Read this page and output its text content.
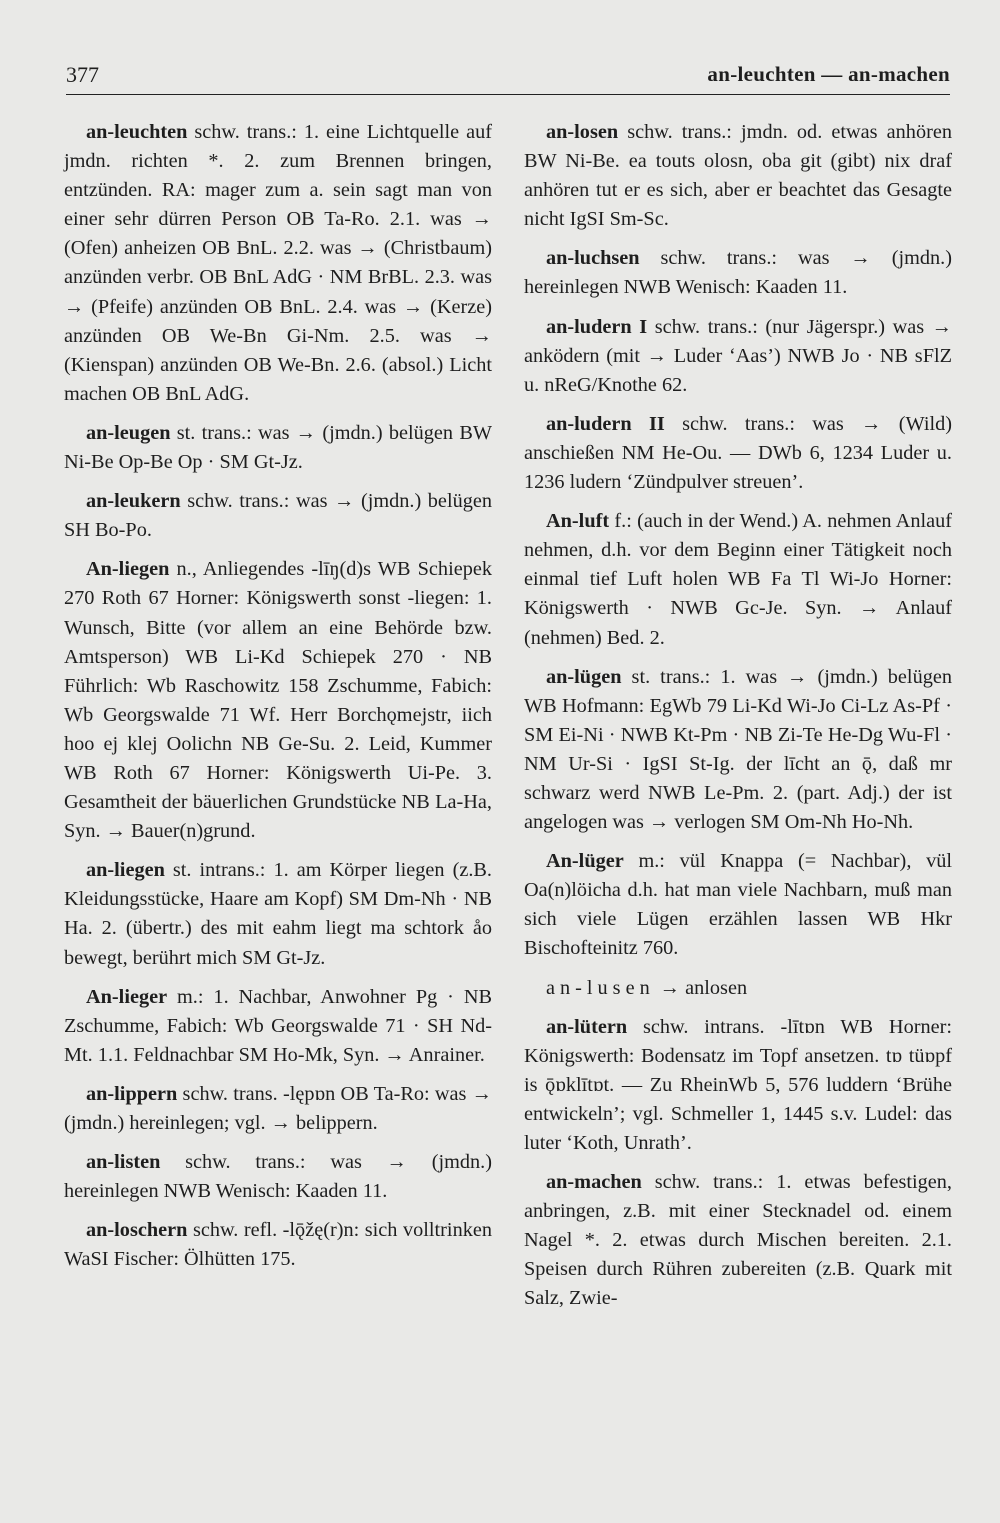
377	an-leuchten — an-machen

an-leuchten schw. trans.: 1. eine Lichtquelle auf jmdn. richten *. 2. zum Brennen bringen, entzünden. RA: mager zum a. sein sagt man von einer sehr dürren Person OB Ta-Ro. 2.1. was → (Ofen) anheizen OB BnL. 2.2. was → (Christbaum) anzünden verbr. OB BnL AdG · NM BrBL. 2.3. was → (Pfeife) anzünden OB BnL. 2.4. was → (Kerze) anzünden OB We-Bn Gi-Nm. 2.5. was → (Kienspan) anzünden OB We-Bn. 2.6. (absol.) Licht machen OB BnL AdG.

an-leugen st. trans.: was → (jmdn.) belügen BW Ni-Be Op-Be Op · SM Gt-Jz.

an-leukern schw. trans.: was → (jmdn.) belügen SH Bo-Po.

An-liegen n., Anliegendes -līŋ(d)s WB Schiepek 270 Roth 67 Horner: Königswerth sonst -liegen: 1. Wunsch, Bitte (vor allem an eine Behörde bzw. Amtsperson) WB Li-Kd Schiepek 270 · NB Führlich: Wb Raschowitz 158 Zschumme, Fabich: Wb Georgswalde 71 Wf. Herr Borchǫmejstr, iich hoo ej klej Oolichn NB Ge-Su. 2. Leid, Kummer WB Roth 67 Horner: Königswerth Ui-Pe. 3. Gesamtheit der bäuerlichen Grundstücke NB La-Ha, Syn. → Bauer(n)grund.

an-liegen st. intrans.: 1. am Körper liegen (z.B. Kleidungsstücke, Haare am Kopf) SM Dm-Nh · NB Ha. 2. (übertr.) des mit eahm liegt ma schtork åo bewegt, berührt mich SM Gt-Jz.

An-lieger m.: 1. Nachbar, Anwohner Pg · NB Zschumme, Fabich: Wb Georgswalde 71 · SH Nd-Mt. 1.1. Feldnachbar SM Ho-Mk, Syn. → Anrainer.

an-lippern schw. trans. -lępɒn OB Ta-Ro: was → (jmdn.) hereinlegen; vgl. → belippern.

an-listen schw. trans.: was → (jmdn.) hereinlegen NWB Wenisch: Kaaden 11.

an-loschern schw. refl. -lǭžę(r)n: sich volltrinken WaSI Fischer: Ölhütten 175.

an-losen schw. trans.: jmdn. od. etwas anhören BW Ni-Be. ea touts olosn, oba git (gibt) nix draf anhören tut er es sich, aber er beachtet das Gesagte nicht IgSI Sm-Sc.

an-luchsen schw. trans.: was → (jmdn.) hereinlegen NWB Wenisch: Kaaden 11.

an-ludern I schw. trans.: (nur Jägerspr.) was → anködern (mit → Luder ‘Aas’) NWB Jo · NB sFlZ u. nReG/Knothe 62.

an-ludern II schw. trans.: was → (Wild) anschießen NM He-Ou. — DWb 6, 1234 Luder u. 1236 ludern ‘Zündpulver streuen’.

An-luft f.: (auch in der Wend.) A. nehmen Anlauf nehmen, d.h. vor dem Beginn einer Tätigkeit noch einmal tief Luft holen WB Fa Tl Wi-Jo Horner: Königswerth · NWB Gc-Je. Syn. → Anlauf (nehmen) Bed. 2.

an-lügen st. trans.: 1. was → (jmdn.) belügen WB Hofmann: EgWb 79 Li-Kd Wi-Jo Ci-Lz As-Pf · SM Ei-Ni · NWB Kt-Pm · NB Zi-Te He-Dg Wu-Fl · NM Ur-Si · IgSI St-Ig. der līcht an ǭ, daß mr schwarz werd NWB Le-Pm. 2. (part. Adj.) der ist angelogen was → verlogen SM Om-Nh Ho-Nh.

An-lüger m.: vül Knappa (= Nachbar), vül Oa(n)löicha d.h. hat man viele Nachbarn, muß man sich viele Lügen erzählen lassen WB Hkr Bischofteinitz 760.

an-lusen → anlosen

an-lütern schw. intrans. -lītɒn WB Horner: Königswerth: Bodensatz im Topf ansetzen. tɒ tüɒpf is ǭɒklītɒt. — Zu RheinWb 5, 576 luddern ‘Brühe entwickeln’; vgl. Schmeller 1, 1445 s.v. Ludel: das luter ‘Koth, Unrath’.

an-machen schw. trans.: 1. etwas befestigen, anbringen, z.B. mit einer Stecknadel od. einem Nagel *. 2. etwas durch Mischen bereiten. 2.1. Speisen durch Rühren zubereiten (z.B. Quark mit Salz, Zwie-
